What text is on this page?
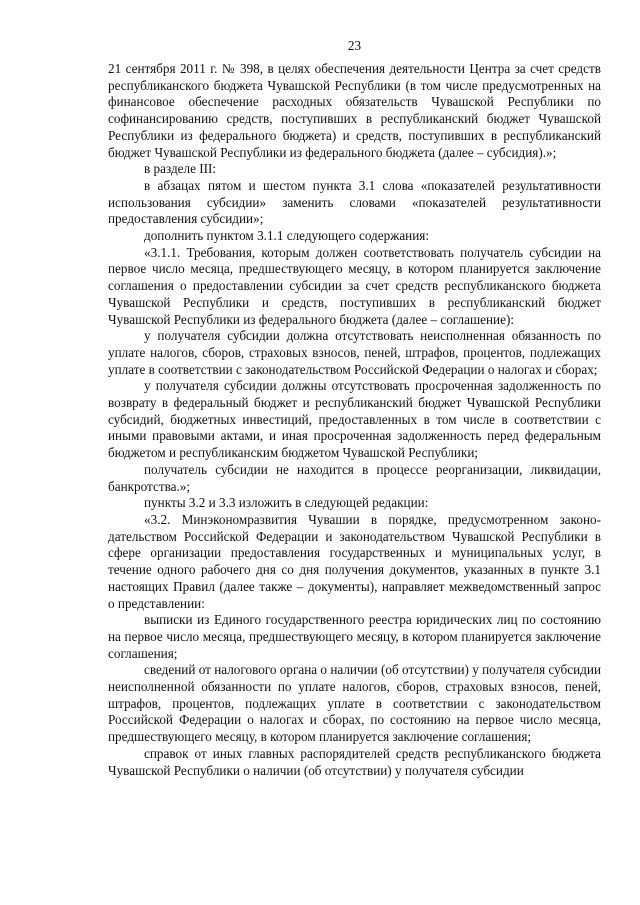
23

21 сентября 2011 г. № 398, в целях обеспечения деятельности Центра за счет средств республиканского бюджета Чувашской Республики (в том числе предусмотренных на финансовое обеспечение расходных обязательств Чувашской Республики по софинансированию средств, поступивших в республиканский бюджет Чувашской Республики из федерального бюджета) и средств, поступивших в республиканский бюджет Чувашской Республики из федерального бюджета (далее – субсидия).»;

в разделе III:

в абзацах пятом и шестом пункта 3.1 слова «показателей результативности использования субсидии» заменить словами «показателей результативности предоставления субсидии»;

дополнить пунктом 3.1.1 следующего содержания:

«3.1.1. Требования, которым должен соответствовать получатель субсидии на первое число месяца, предшествующего месяцу, в котором планируется заключение соглашения о предоставлении субсидии за счет средств республиканского бюджета Чувашской Республики и средств, поступивших в республиканский бюджет Чувашской Республики из федерального бюджета (далее – соглашение):

у получателя субсидии должна отсутствовать неисполненная обязанность по уплате налогов, сборов, страховых взносов, пеней, штрафов, процентов, подлежащих уплате в соответствии с законодательством Российской Федерации о налогах и сборах;

у получателя субсидии должны отсутствовать просроченная задолженность по возврату в федеральный бюджет и республиканский бюджет Чувашской Республики субсидий, бюджетных инвестиций, предоставленных в том числе в соответствии с иными правовыми актами, и иная просроченная задолженность перед федеральным бюджетом и республиканским бюджетом Чувашской Республики;

получатель субсидии не находится в процессе реорганизации, ликвидации, банкротства.»;

пункты 3.2 и 3.3 изложить в следующей редакции:

«3.2. Минэкономразвития Чувашии в порядке, предусмотренном законодательством Российской Федерации и законодательством Чувашской Республики в сфере организации предоставления государственных и муниципальных услуг, в течение одного рабочего дня со дня получения документов, указанных в пункте 3.1 настоящих Правил (далее также – документы), направляет межведомственный запрос о представлении:

выписки из Единого государственного реестра юридических лиц по состоянию на первое число месяца, предшествующего месяцу, в котором планируется заключение соглашения;

сведений от налогового органа о наличии (об отсутствии) у получателя субсидии неисполненной обязанности по уплате налогов, сборов, страховых взносов, пеней, штрафов, процентов, подлежащих уплате в соответствии с законодательством Российской Федерации о налогах и сборах, по состоянию на первое число месяца, предшествующего месяцу, в котором планируется заключение соглашения;

справок от иных главных распорядителей средств республиканского бюджета Чувашской Республики о наличии (об отсутствии) у получателя субсидии
